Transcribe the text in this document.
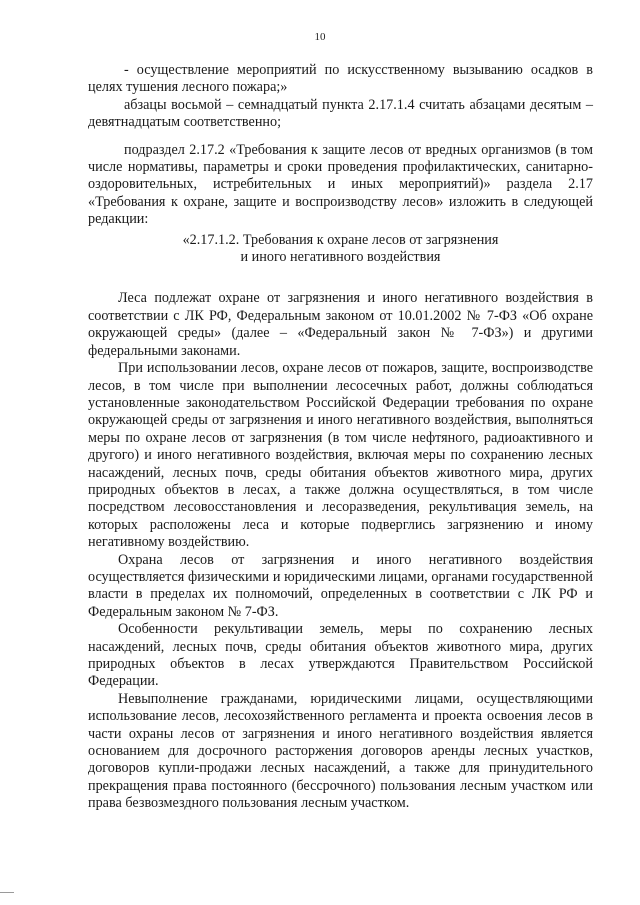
10

- осуществление мероприятий по искусственному вызыванию осадков в целях тушения лесного пожара;»

абзацы восьмой – семнадцатый пункта 2.17.1.4 считать абзацами десятым – девятнадцатым соответственно;

подраздел 2.17.2 «Требования к защите лесов от вредных организмов (в том числе нормативы, параметры и сроки проведения профилактических, санитарно-оздоровительных, истребительных и иных мероприятий)» раздела 2.17 «Требования к охране, защите и воспроизводству лесов» изложить в следующей редакции:

«2.17.1.2. Требования к охране лесов от загрязнения

и иного негативного воздействия

Леса подлежат охране от загрязнения и иного негативного воздействия в соответствии с ЛК РФ, Федеральным законом от 10.01.2002 № 7-ФЗ «Об охране окружающей среды» (далее – «Федеральный закон № 7-ФЗ») и другими федеральными законами.

При использовании лесов, охране лесов от пожаров, защите, воспроизводстве лесов, в том числе при выполнении лесосечных работ, должны соблюдаться установленные законодательством Российской Федерации требования по охране окружающей среды от загрязнения и иного негативного воздействия, выполняться меры по охране лесов от загрязнения (в том числе нефтяного, радиоактивного и другого) и иного негативного воздействия, включая меры по сохранению лесных насаждений, лесных почв, среды обитания объектов животного мира, других природных объектов в лесах, а также должна осуществляться, в том числе посредством лесовосстановления и лесоразведения, рекультивация земель, на которых расположены леса и которые подверглись загрязнению и иному негативному воздействию.

Охрана лесов от загрязнения и иного негативного воздействия осуществляется физическими и юридическими лицами, органами государственной власти в пределах их полномочий, определенных в соответствии с ЛК РФ и Федеральным законом № 7-ФЗ.

Особенности рекультивации земель, меры по сохранению лесных насаждений, лесных почв, среды обитания объектов животного мира, других природных объектов в лесах утверждаются Правительством Российской Федерации.

Невыполнение гражданами, юридическими лицами, осуществляющими использование лесов, лесохозяйственного регламента и проекта освоения лесов в части охраны лесов от загрязнения и иного негативного воздействия является основанием для досрочного расторжения договоров аренды лесных участков, договоров купли-продажи лесных насаждений, а также для принудительного прекращения права постоянного (бессрочного) пользования лесным участком или права безвозмездного пользования лесным участком.
